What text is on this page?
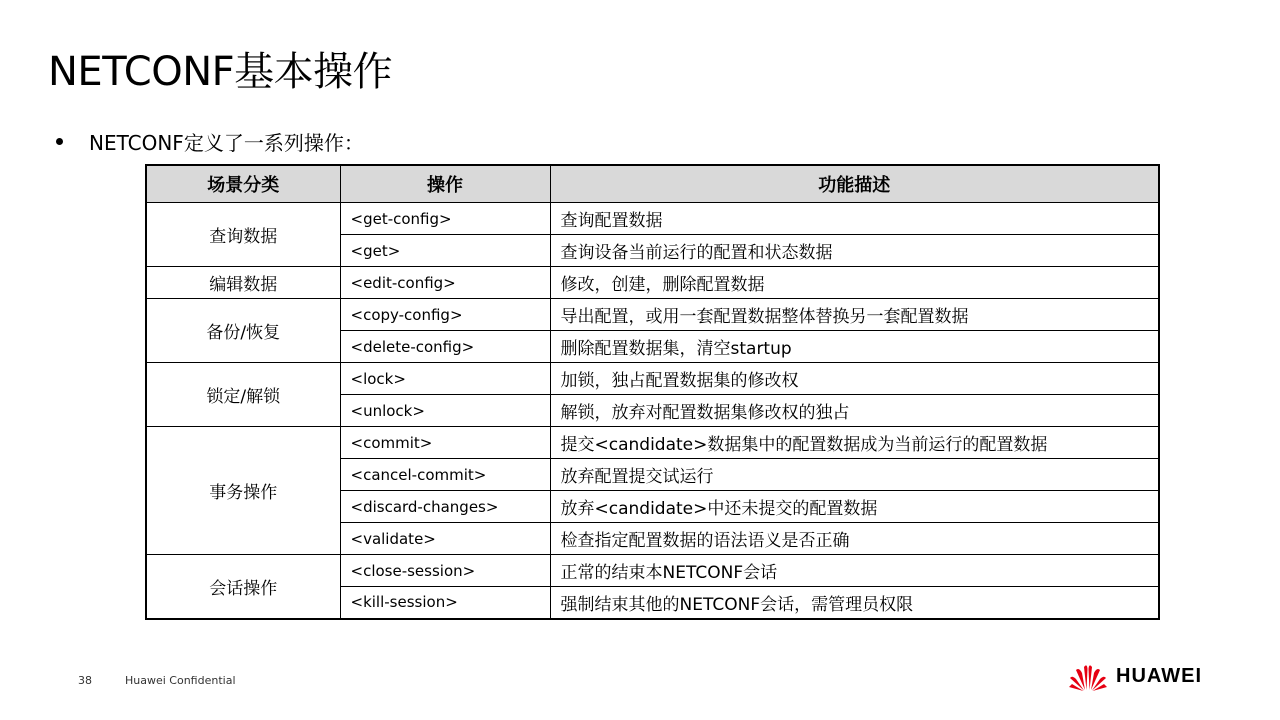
NETCONF基本操作
NETCONF定义了一系列操作：
场景分类	操作	功能描述
查询数据	<get-config>	查询配置数据
	<get>	查询设备当前运行的配置和状态数据
编辑数据	<edit-config>	修改，创建，删除配置数据
备份/恢复	<copy-config>	导出配置，或用一套配置数据整体替换另一套配置数据
	<delete-config>	删除配置数据集，清空startup
锁定/解锁	<lock>	加锁，独占配置数据集的修改权
	<unlock>	解锁，放弃对配置数据集修改权的独占
事务操作	<commit>	提交<candidate>数据集中的配置数据成为当前运行的配置数据
	<cancel-commit>	放弃配置提交试运行
	<discard-changes>	放弃<candidate>中还未提交的配置数据
	<validate>	检查指定配置数据的语法语义是否正确
会话操作	<close-session>	正常的结束本NETCONF会话
	<kill-session>	强制结束其他的NETCONF会话，需管理员权限
38	Huawei Confidential	HUAWEI
